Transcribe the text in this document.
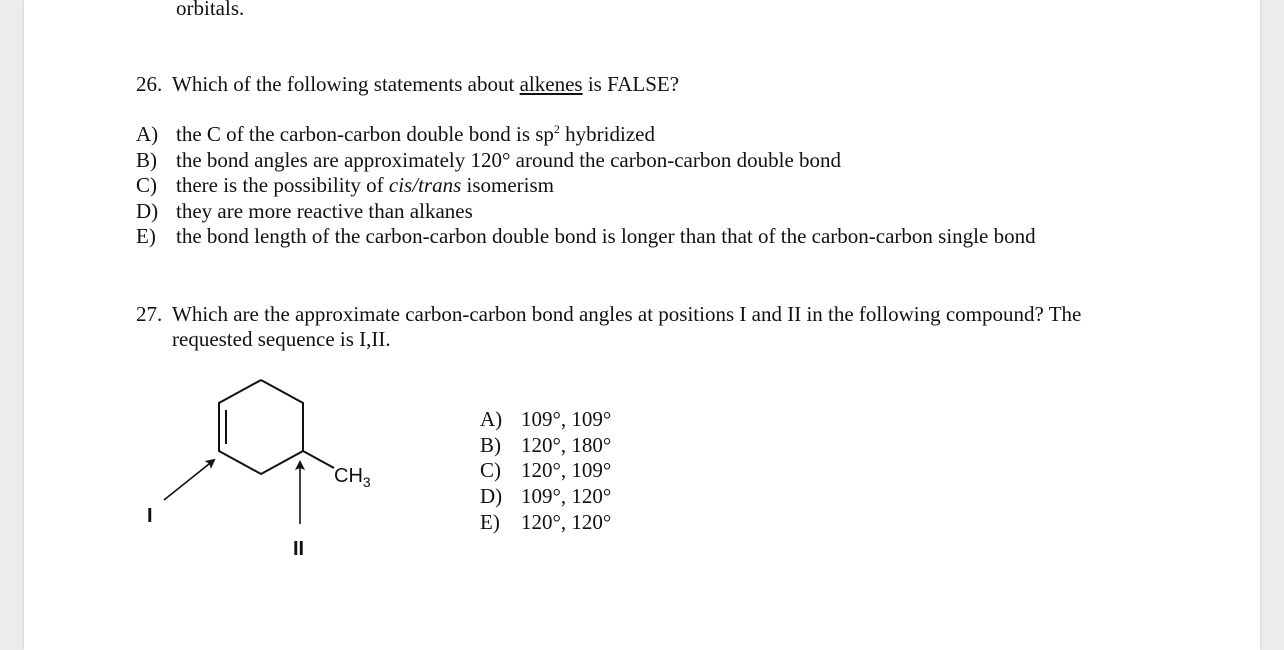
orbitals.
26. Which of the following statements about alkenes is FALSE?
A) the C of the carbon-carbon double bond is $sp^2$ hybridized
B) the bond angles are approximately 120° around the carbon-carbon double bond
C) there is the possibility of cis/trans isomerism
D) they are more reactive than alkanes
E) the bond length of the carbon-carbon double bond is longer than that of the carbon-carbon single bond
27. Which are the approximate carbon-carbon bond angles at positions I and II in the following compound? The
requested sequence is I,II.
$CH_3$
I
II
A) 109°, 109°
B) 120°, 180°
C) 120°, 109°
D) 109°, 120°
E) 120°, 120°
